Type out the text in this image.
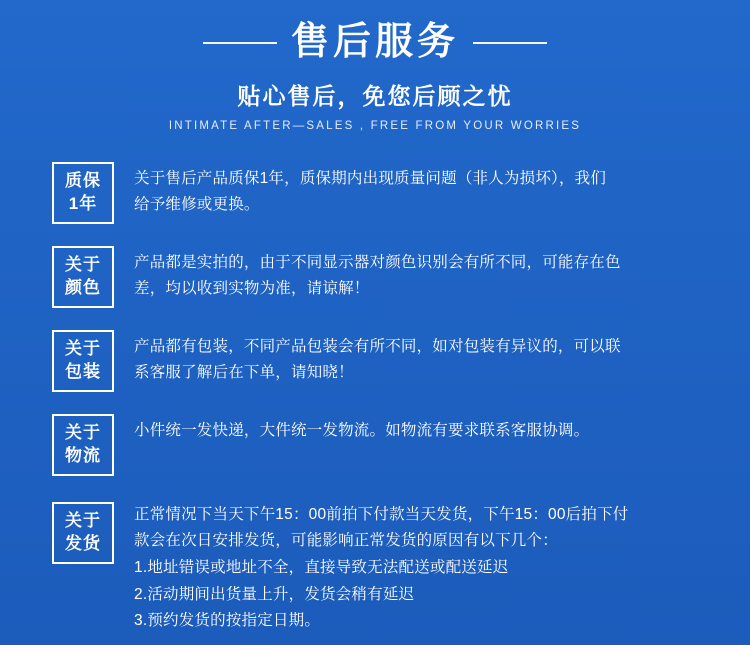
售后服务
贴心售后，免您后顾之忧
INTIMATE AFTER—SALES , FREE FROM YOUR WORRIES
质保
1年
关于售后产品质保1年，质保期内出现质量问题（非人为损坏），我们
给予维修或更换。
关于
颜色
产品都是实拍的，由于不同显示器对颜色识别会有所不同，可能存在色
差，均以收到实物为准，请谅解！
关于
包装
产品都有包装，不同产品包装会有所不同，如对包装有异议的，可以联
系客服了解后在下单，请知晓！
关于
物流
小件统一发快递，大件统一发物流。如物流有要求联系客服协调。
关于
发货
正常情况下当天下午15：00前拍下付款当天发货，下午15：00后拍下付
款会在次日安排发货，可能影响正常发货的原因有以下几个：
1.地址错误或地址不全，直接导致无法配送或配送延迟
2.活动期间出货量上升，发货会稍有延迟
3.预约发货的按指定日期。
